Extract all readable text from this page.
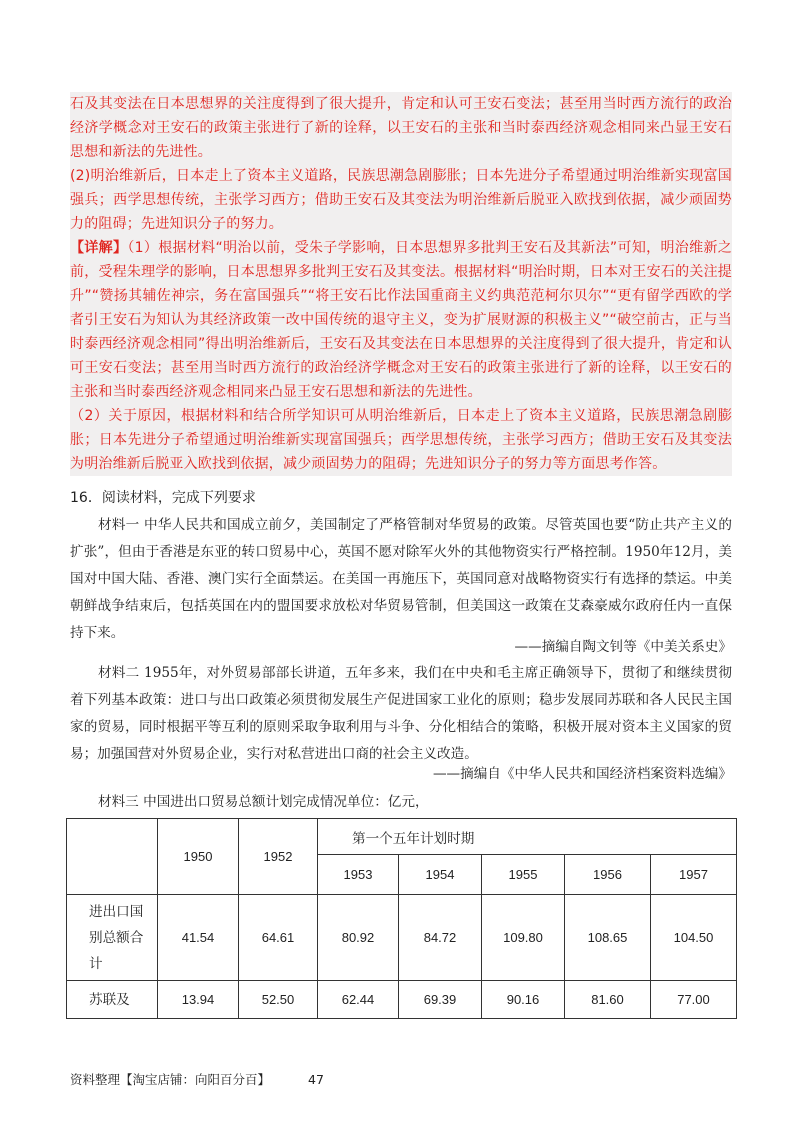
石及其变法在日本思想界的关注度得到了很大提升，肯定和认可王安石变法；甚至用当时西方流行的政治经济学概念对王安石的政策主张进行了新的诠释，以王安石的主张和当时泰西经济观念相同来凸显王安石思想和新法的先进性。

(2)明治维新后，日本走上了资本主义道路，民族思潮急剧膨胀；日本先进分子希望通过明治维新实现富国强兵；西学思想传统，主张学习西方；借助王安石及其变法为明治维新后脱亚入欧找到依据，减少顽固势力的阻碍；先进知识分子的努力。

【详解】（1）根据材料“明治以前，受朱子学影响，日本思想界多批判王安石及其新法”可知，明治维新之前，受程朱理学的影响，日本思想界多批判王安石及其变法。根据材料“明治时期，日本对王安石的关注提升”“赞扬其辅佐神宗，务在富国强兵”“将王安石比作法国重商主义约典范范柯尔贝尔”“更有留学西欧的学者引王安石为知认为其经济政策一改中国传统的退守主义，变为扩展财源的积极主义”“破空前古，正与当时泰西经济观念相同”得出明治维新后，王安石及其变法在日本思想界的关注度得到了很大提升，肯定和认可王安石变法；甚至用当时西方流行的政治经济学概念对王安石的政策主张进行了新的诠释，以王安石的主张和当时泰西经济观念相同来凸显王安石思想和新法的先进性。

（2）关于原因，根据材料和结合所学知识可从明治维新后，日本走上了资本主义道路，民族思潮急剧膨胀；日本先进分子希望通过明治维新实现富国强兵；西学思想传统，主张学习西方；借助王安石及其变法为明治维新后脱亚入欧找到依据，减少顽固势力的阻碍；先进知识分子的努力等方面思考作答。

16．阅读材料，完成下列要求

材料一 中华人民共和国成立前夕，美国制定了严格管制对华贸易的政策。尽管英国也要“防止共产主义的扩张”，但由于香港是东亚的转口贸易中心，英国不愿对除军火外的其他物资实行严格控制。1950年12月，美国对中国大陆、香港、澳门实行全面禁运。在美国一再施压下，英国同意对战略物资实行有选择的禁运。中美朝鲜战争结束后，包括英国在内的盟国要求放松对华贸易管制，但美国这一政策在艾森豪威尔政府任内一直保持下来。

——摘编自陶文钊等《中美关系史》

材料二 1955年，对外贸易部部长讲道，五年多来，我们在中央和毛主席正确领导下，贯彻了和继续贯彻着下列基本政策：进口与出口政策必须贯彻发展生产促进国家工业化的原则；稳步发展同苏联和各人民民主国家的贸易，同时根据平等互利的原则采取争取利用与斗争、分化相结合的策略，积极开展对资本主义国家的贸易；加强国营对外贸易企业，实行对私营进出口商的社会主义改造。

——摘编自《中华人民共和国经济档案资料选编》
材料三 中国进出口贸易总额计划完成情况单位：亿元，
	1950	1952	第一个五年计划时期				
			1953	1954	1955	1956	1957
进出口国别总额合计	41.54	64.61	80.92	84.72	109.80	108.65	104.50
苏联及	13.94	52.50	62.44	69.39	90.16	81.60	77.00
资料整理【淘宝店铺：向阳百分百】	47
